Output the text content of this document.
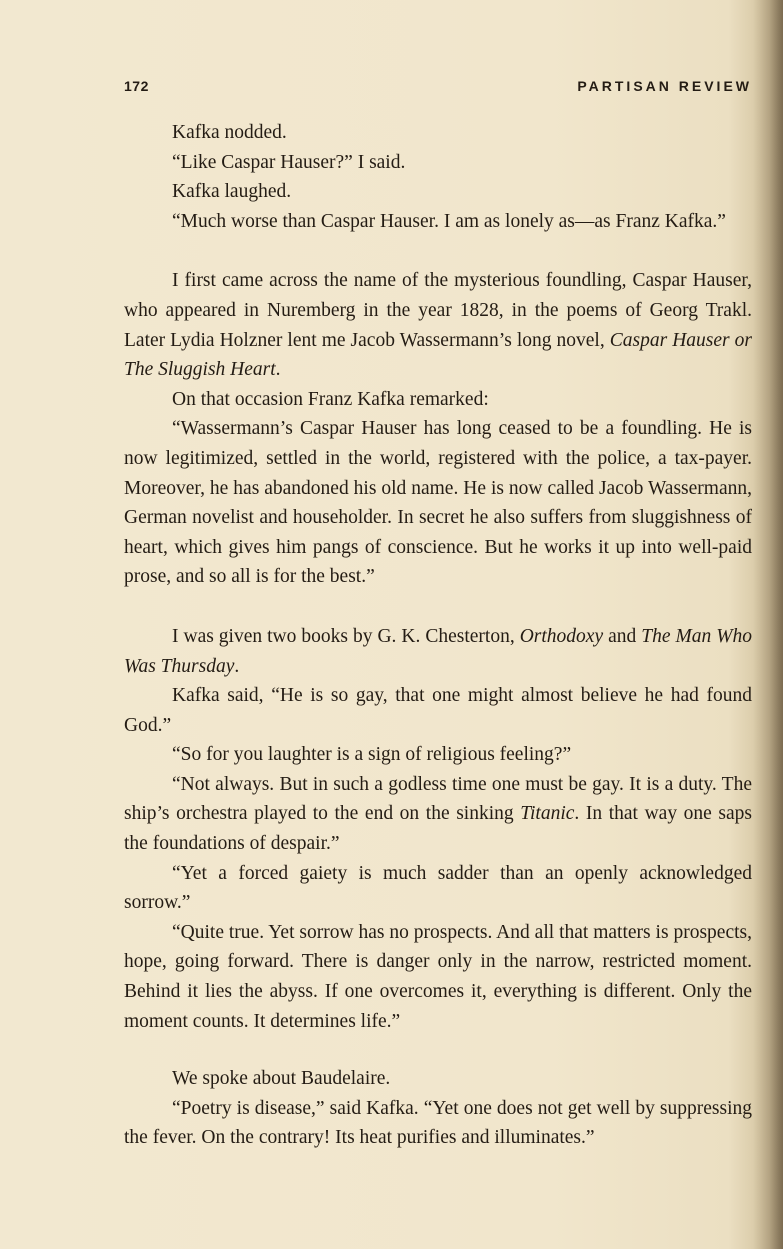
172	PARTISAN REVIEW

Kafka nodded.

“Like Caspar Hauser?” I said.

Kafka laughed.

“Much worse than Caspar Hauser. I am as lonely as—as Franz Kafka.”

I first came across the name of the mysterious foundling, Caspar Hauser, who appeared in Nuremberg in the year 1828, in the poems of Georg Trakl. Later Lydia Holzner lent me Jacob Wassermann’s long novel, Caspar Hauser or The Sluggish Heart.

On that occasion Franz Kafka remarked:

“Wassermann’s Caspar Hauser has long ceased to be a foundling. He is now legitimized, settled in the world, registered with the police, a tax-payer. Moreover, he has abandoned his old name. He is now called Jacob Wassermann, German novelist and householder. In secret he also suffers from sluggishness of heart, which gives him pangs of conscience. But he works it up into well-paid prose, and so all is for the best.”

I was given two books by G. K. Chesterton, Orthodoxy and The Man Who Was Thursday.

Kafka said, “He is so gay, that one might almost believe he had found God.”

“So for you laughter is a sign of religious feeling?”

“Not always. But in such a godless time one must be gay. It is a duty. The ship’s orchestra played to the end on the sinking Titanic. In that way one saps the foundations of despair.”

“Yet a forced gaiety is much sadder than an openly acknowledged sorrow.”

“Quite true. Yet sorrow has no prospects. And all that matters is prospects, hope, going forward. There is danger only in the narrow, restricted moment. Behind it lies the abyss. If one overcomes it, everything is different. Only the moment counts. It determines life.”

We spoke about Baudelaire.

“Poetry is disease,” said Kafka. “Yet one does not get well by suppressing the fever. On the contrary! Its heat purifies and illuminates.”
